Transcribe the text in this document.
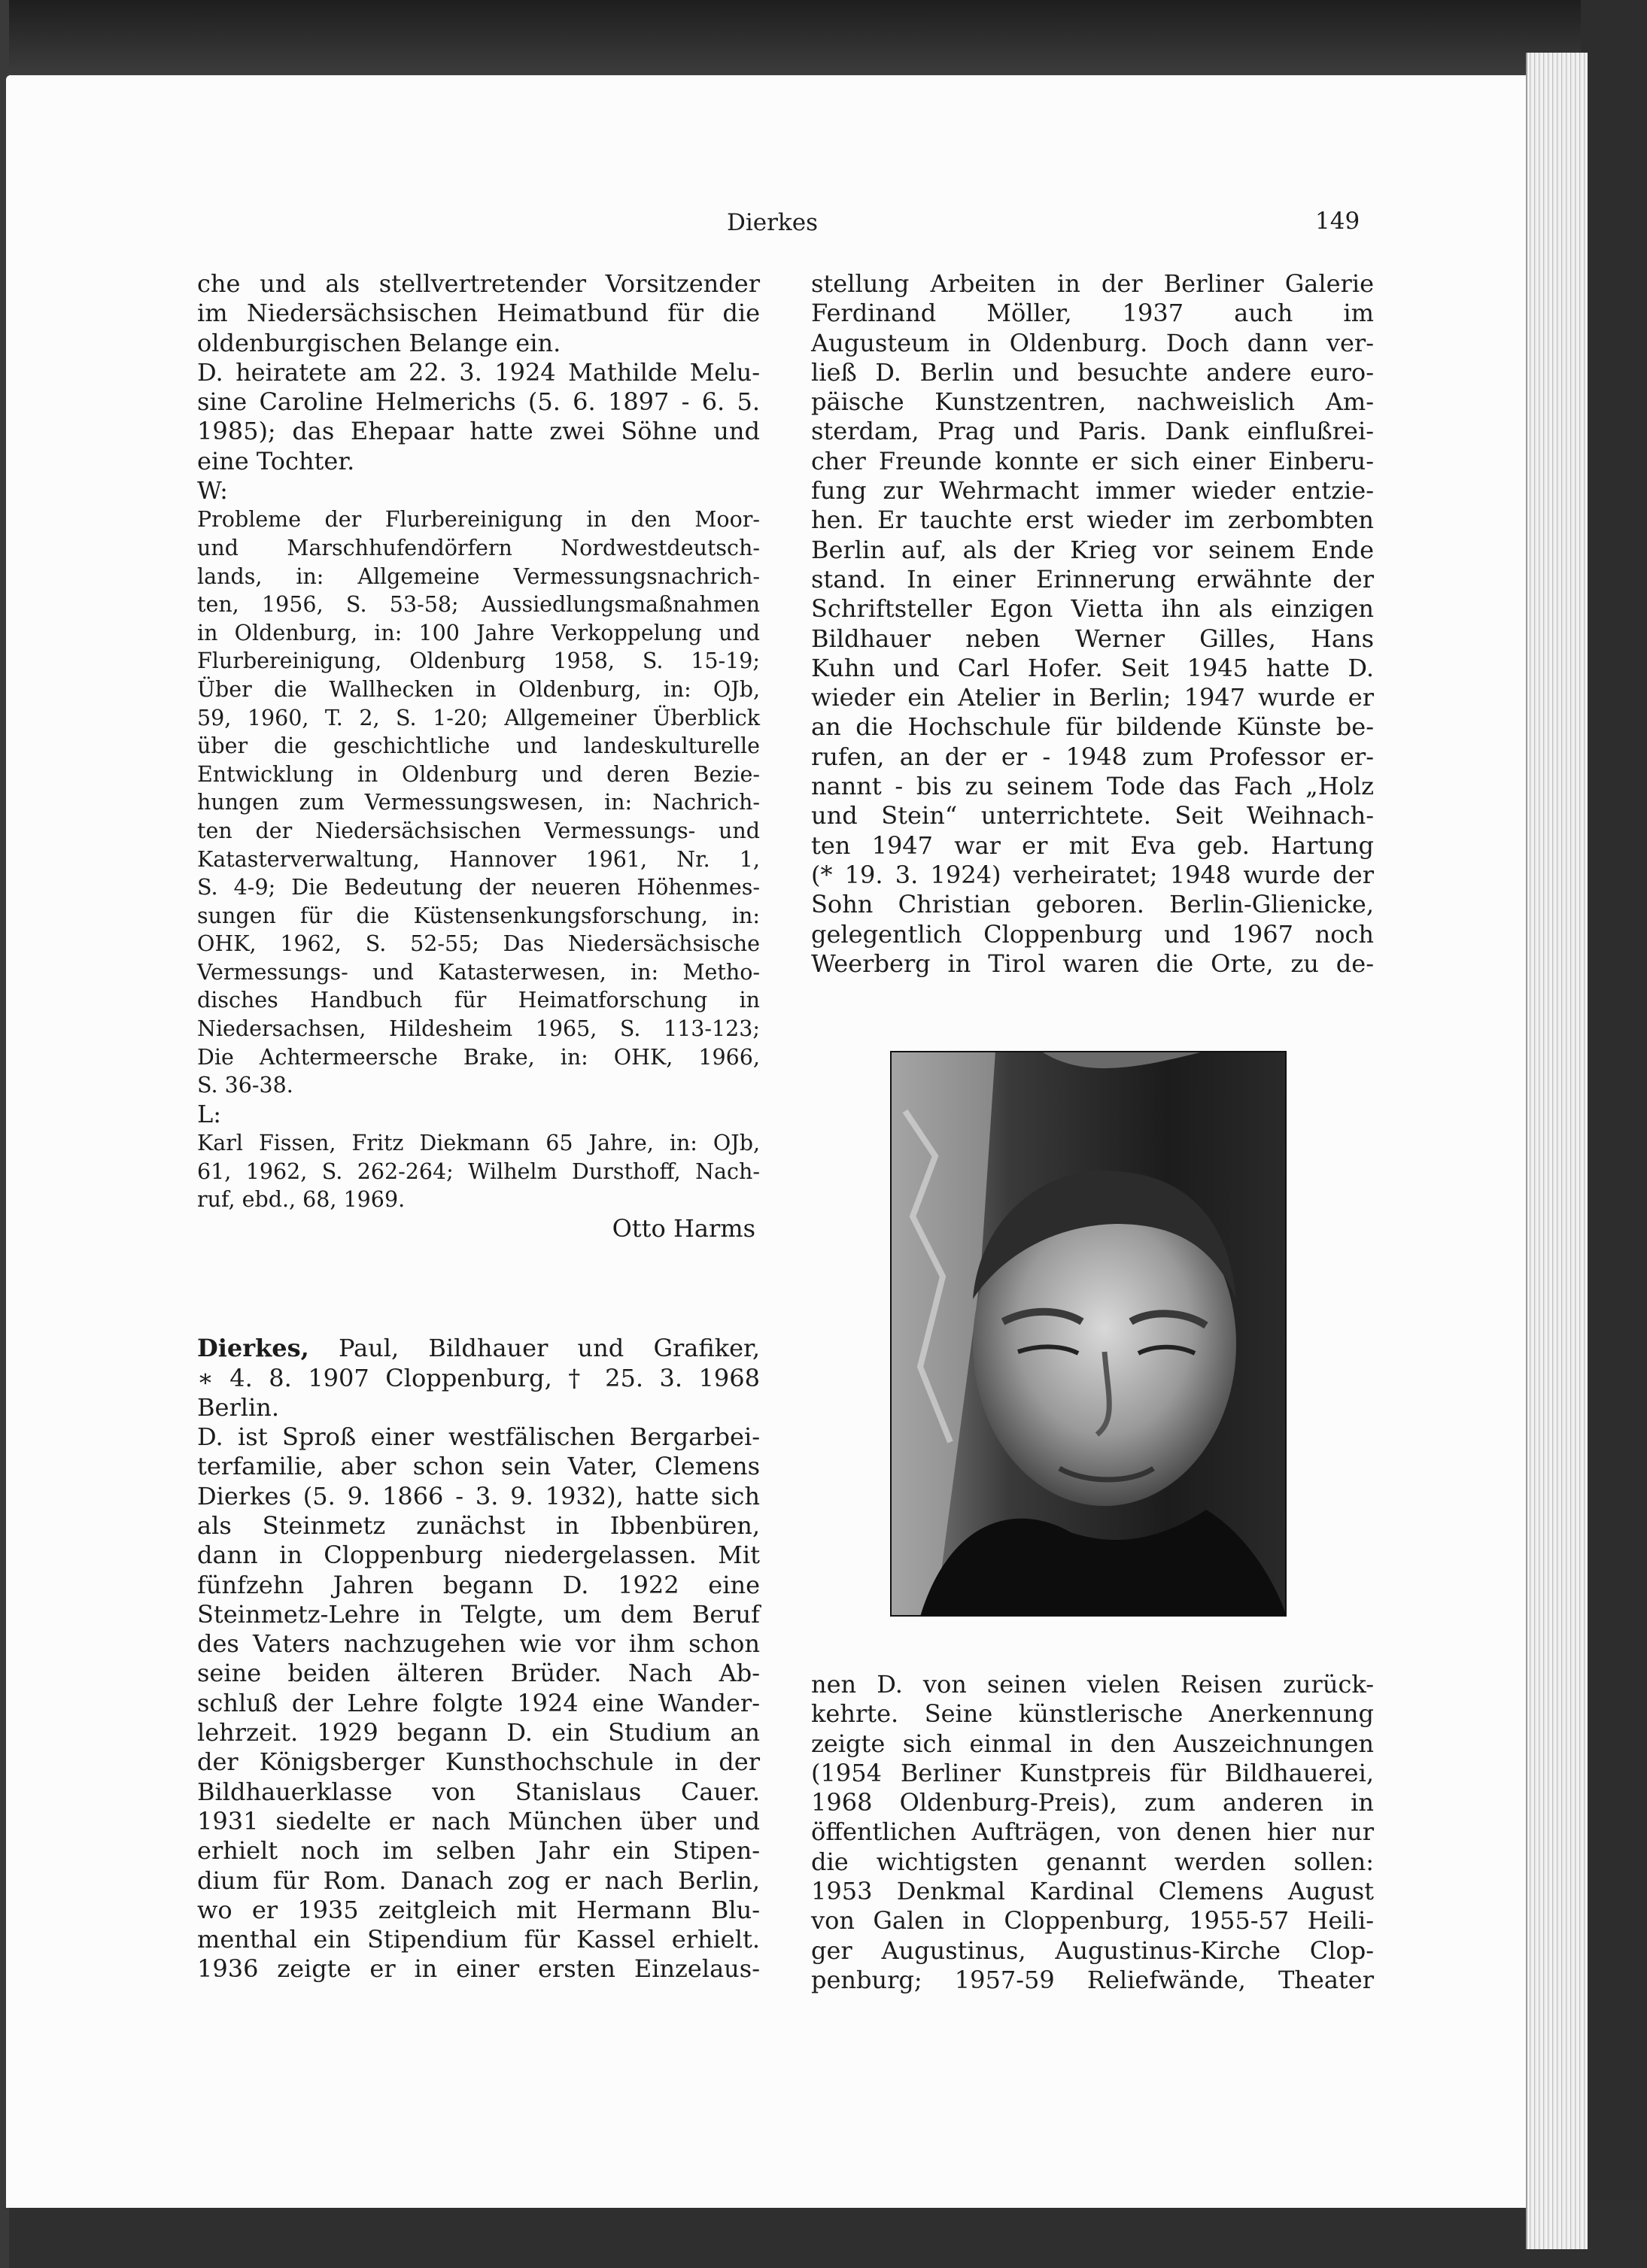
Dierkes	149
che und als stellvertretender Vorsitzender
im Niedersächsischen Heimatbund für die
oldenburgischen Belange ein.
D. heiratete am 22. 3. 1924 Mathilde Melu-
sine Caroline Helmerichs (5. 6. 1897 - 6. 5.
1985); das Ehepaar hatte zwei Söhne und
eine Tochter.
W:
Probleme der Flurbereinigung in den Moor-
und Marschhufendörfern Nordwestdeutsch-
lands, in: Allgemeine Vermessungsnachrich-
ten, 1956, S. 53-58; Aussiedlungsmaßnahmen
in Oldenburg, in: 100 Jahre Verkoppelung und
Flurbereinigung, Oldenburg 1958, S. 15-19;
Über die Wallhecken in Oldenburg, in: OJb,
59, 1960, T. 2, S. 1-20; Allgemeiner Überblick
über die geschichtliche und landeskulturelle
Entwicklung in Oldenburg und deren Bezie-
hungen zum Vermessungswesen, in: Nachrich-
ten der Niedersächsischen Vermessungs- und
Katasterverwaltung, Hannover 1961, Nr. 1,
S. 4-9; Die Bedeutung der neueren Höhenmes-
sungen für die Küstensenkungsforschung, in:
OHK, 1962, S. 52-55; Das Niedersächsische
Vermessungs- und Katasterwesen, in: Metho-
disches Handbuch für Heimatforschung in
Niedersachsen, Hildesheim 1965, S. 113-123;
Die Achtermeersche Brake, in: OHK, 1966,
S. 36-38.
L:
Karl Fissen, Fritz Diekmann 65 Jahre, in: OJb,
61, 1962, S. 262-264; Wilhelm Dursthoff, Nach-
ruf, ebd., 68, 1969.
Otto Harms
Dierkes, Paul, Bildhauer und Grafiker,
∗ 4. 8. 1907 Cloppenburg, † 25. 3. 1968
Berlin.
D. ist Sproß einer westfälischen Bergarbei-
terfamilie, aber schon sein Vater, Clemens
Dierkes (5. 9. 1866 - 3. 9. 1932), hatte sich
als Steinmetz zunächst in Ibbenbüren,
dann in Cloppenburg niedergelassen. Mit
fünfzehn Jahren begann D. 1922 eine
Steinmetz-Lehre in Telgte, um dem Beruf
des Vaters nachzugehen wie vor ihm schon
seine beiden älteren Brüder. Nach Ab-
schluß der Lehre folgte 1924 eine Wander-
lehrzeit. 1929 begann D. ein Studium an
der Königsberger Kunsthochschule in der
Bildhauerklasse von Stanislaus Cauer.
1931 siedelte er nach München über und
erhielt noch im selben Jahr ein Stipen-
dium für Rom. Danach zog er nach Berlin,
wo er 1935 zeitgleich mit Hermann Blu-
menthal ein Stipendium für Kassel erhielt.
1936 zeigte er in einer ersten Einzelaus-
stellung Arbeiten in der Berliner Galerie
Ferdinand Möller, 1937 auch im
Augusteum in Oldenburg. Doch dann ver-
ließ D. Berlin und besuchte andere euro-
päische Kunstzentren, nachweislich Am-
sterdam, Prag und Paris. Dank einflußrei-
cher Freunde konnte er sich einer Einberu-
fung zur Wehrmacht immer wieder entzie-
hen. Er tauchte erst wieder im zerbombten
Berlin auf, als der Krieg vor seinem Ende
stand. In einer Erinnerung erwähnte der
Schriftsteller Egon Vietta ihn als einzigen
Bildhauer neben Werner Gilles, Hans
Kuhn und Carl Hofer. Seit 1945 hatte D.
wieder ein Atelier in Berlin; 1947 wurde er
an die Hochschule für bildende Künste be-
rufen, an der er - 1948 zum Professor er-
nannt - bis zu seinem Tode das Fach „Holz
und Stein“ unterrichtete. Seit Weihnach-
ten 1947 war er mit Eva geb. Hartung
(* 19. 3. 1924) verheiratet; 1948 wurde der
Sohn Christian geboren. Berlin-Glienicke,
gelegentlich Cloppenburg und 1967 noch
Weerberg in Tirol waren die Orte, zu de-
nen D. von seinen vielen Reisen zurück-
kehrte. Seine künstlerische Anerkennung
zeigte sich einmal in den Auszeichnungen
(1954 Berliner Kunstpreis für Bildhauerei,
1968 Oldenburg-Preis), zum anderen in
öffentlichen Aufträgen, von denen hier nur
die wichtigsten genannt werden sollen:
1953 Denkmal Kardinal Clemens August
von Galen in Cloppenburg, 1955-57 Heili-
ger Augustinus, Augustinus-Kirche Clop-
penburg; 1957-59 Reliefwände, Theater
